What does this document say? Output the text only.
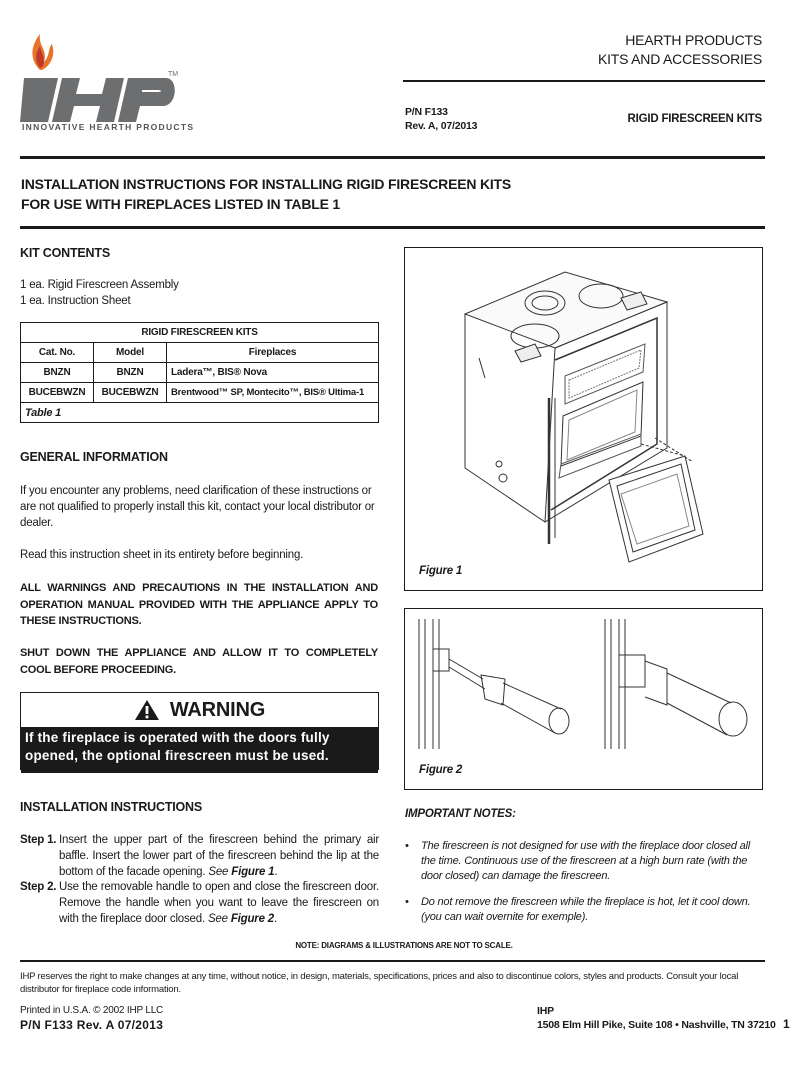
TM
INNOVATIVE HEARTH PRODUCTS
HEARTH PRODUCTS
KITS AND ACCESSORIES
P/N F133
Rev. A, 07/2013
RIGID FIRESCREEN KITS
INSTALLATION INSTRUCTIONS FOR INSTALLING RIGID FIRESCREEN KITS
FOR USE WITH FIREPLACES LISTED IN TABLE 1
KIT CONTENTS
1 ea. Rigid Firescreen Assembly
1 ea. Instruction Sheet
RIGID FIRESCREEN KITS		
Cat. No.	Model	Fireplaces
BNZN	BNZN	Ladera™, BIS® Nova
BUCEBWZN	BUCEBWZN	Brentwood™ SP, Montecito™, BIS® Ultima-1
Table 1		
GENERAL INFORMATION
If you encounter any problems, need clarification of these instructions or are not qualified to properly install this kit, contact your local distributor or dealer.
Read this instruction sheet in its entirety before beginning.
ALL WARNINGS AND PRECAUTIONS IN THE INSTALLATION AND OPERATION MANUAL PROVIDED WITH THE APPLIANCE APPLY TO THESE INSTRUCTIONS.
SHUT DOWN THE APPLIANCE AND ALLOW IT TO COMPLETELY COOL BEFORE PROCEEDING.
WARNING
If the fireplace is operated with the doors fully opened, the optional firescreen must be used.
INSTALLATION INSTRUCTIONS
Step 1. Insert the upper part of the firescreen behind the primary air baffle. Insert the lower part of the firescreen behind the lip at the bottom of the facade opening. See Figure 1.
Step 2. Use the removable handle to open and close the firescreen door. Remove the handle when you want to leave the firescreen on with the fireplace door closed. See Figure 2.
Figure 1
Figure 2
IMPORTANT NOTES:
• The firescreen is not designed for use with the fireplace door closed all the time. Continuous use of the firescreen at a high burn rate (with the door closed) can damage the firescreen.
• Do not remove the firescreen while the fireplace is hot, let it cool down. (you can wait overnite for exemple).
NOTE: DIAGRAMS & ILLUSTRATIONS ARE NOT TO SCALE.
IHP reserves the right to make changes at any time, without notice, in design, materials, specifications, prices and also to discontinue colors, styles and products. Consult your local distributor for fireplace code information.
Printed in U.S.A. © 2002 IHP LLC
P/N F133 Rev. A 07/2013
IHP
1508 Elm Hill Pike, Suite 108 • Nashville, TN 37210 1
